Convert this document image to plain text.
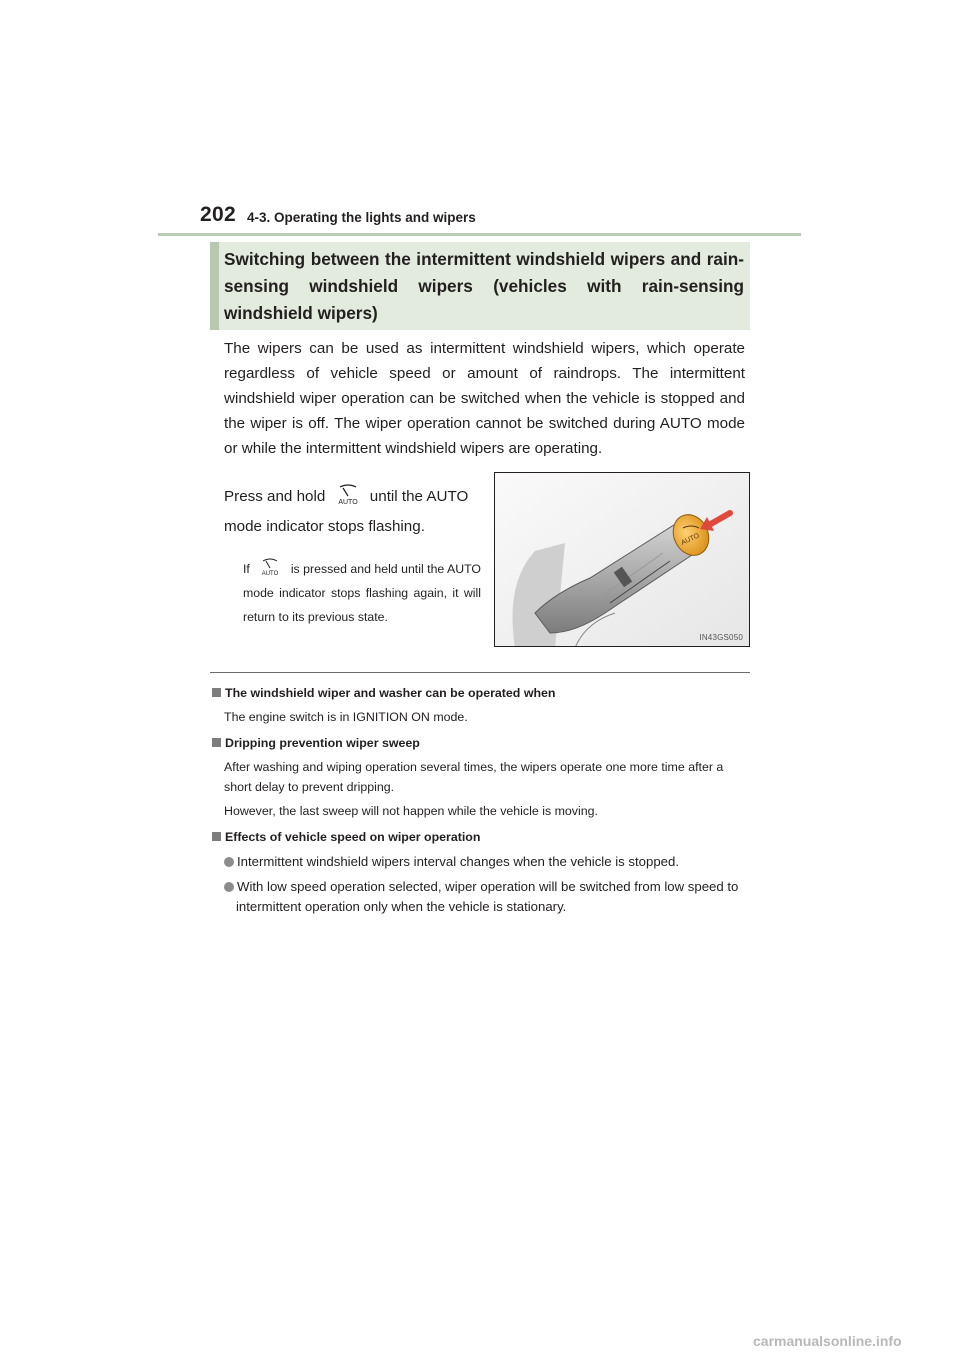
202 4-3. Operating the lights and wipers
Switching between the intermittent windshield wipers and rain-sensing windshield wipers (vehicles with rain-sensing windshield wipers)
The wipers can be used as intermittent windshield wipers, which operate regardless of vehicle speed or amount of raindrops. The intermittent windshield wiper operation can be switched when the vehicle is stopped and the wiper is off. The wiper operation cannot be switched during AUTO mode or while the intermittent windshield wipers are operating.
Press and hold AUTO until the AUTO mode indicator stops flashing.
If AUTO is pressed and held until the AUTO mode indicator stops flashing again, it will return to its previous state.
AUTO
IN43GS050
The windshield wiper and washer can be operated when
The engine switch is in IGNITION ON mode.
Dripping prevention wiper sweep
After washing and wiping operation several times, the wipers operate one more time after a short delay to prevent dripping.
However, the last sweep will not happen while the vehicle is moving.
Effects of vehicle speed on wiper operation
Intermittent windshield wipers interval changes when the vehicle is stopped.
With low speed operation selected, wiper operation will be switched from low speed to intermittent operation only when the vehicle is stationary.
carmanualsonline.info
